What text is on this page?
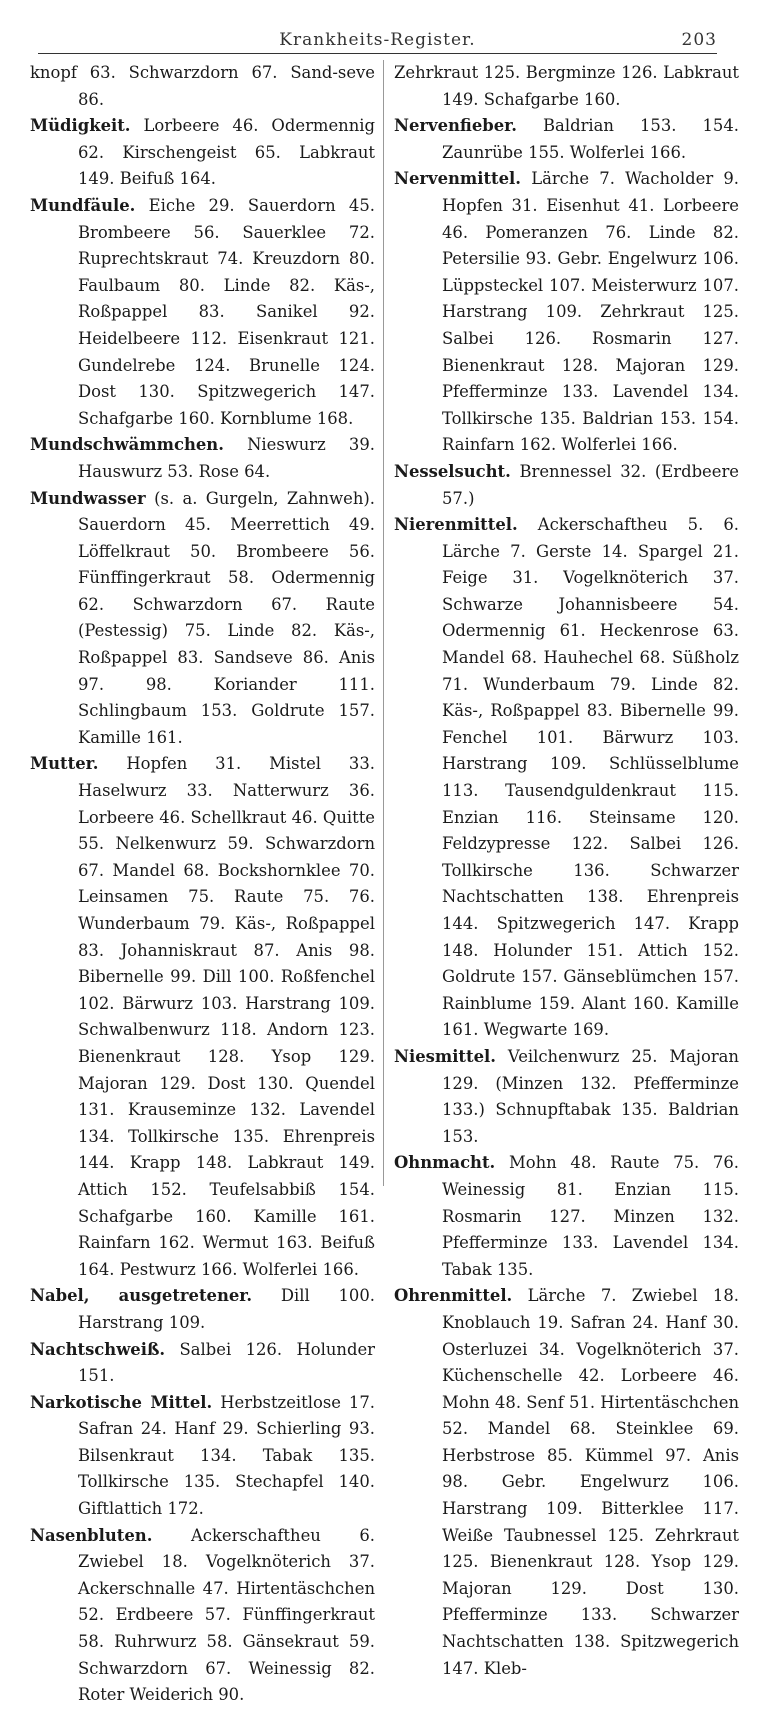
Krankheits-Register.	203

knopf 63. Schwarzdorn 67. Sand-seve 86.

Müdigkeit. Lorbeere 46. Odermennig 62. Kirschengeist 65. Labkraut 149. Beifuß 164.

Mundfäule. Eiche 29. Sauerdorn 45. Brombeere 56. Sauerklee 72. Ruprechtskraut 74. Kreuzdorn 80. Faulbaum 80. Linde 82. Käs-, Roßpappel 83. Sanikel 92. Heidelbeere 112. Eisenkraut 121. Gundelrebe 124. Brunelle 124. Dost 130. Spitzwegerich 147. Schafgarbe 160. Kornblume 168.

Mundschwämmchen. Nieswurz 39. Hauswurz 53. Rose 64.

Mundwasser (s. a. Gurgeln, Zahnweh). Sauerdorn 45. Meerrettich 49. Löffelkraut 50. Brombeere 56. Fünffingerkraut 58. Odermennig 62. Schwarzdorn 67. Raute (Pestessig) 75. Linde 82. Käs-, Roßpappel 83. Sandseve 86. Anis 97. 98. Koriander 111. Schlingbaum 153. Goldrute 157. Kamille 161.

Mutter. Hopfen 31. Mistel 33. Haselwurz 33. Natterwurz 36. Lorbeere 46. Schellkraut 46. Quitte 55. Nelkenwurz 59. Schwarzdorn 67. Mandel 68. Bockshornklee 70. Leinsamen 75. Raute 75. 76. Wunderbaum 79. Käs-, Roßpappel 83. Johanniskraut 87. Anis 98. Bibernelle 99. Dill 100. Roßfenchel 102. Bärwurz 103. Harstrang 109. Schwalbenwurz 118. Andorn 123. Bienenkraut 128. Ysop 129. Majoran 129. Dost 130. Quendel 131. Krauseminze 132. Lavendel 134. Tollkirsche 135. Ehrenpreis 144. Krapp 148. Labkraut 149. Attich 152. Teufelsabbiß 154. Schafgarbe 160. Kamille 161. Rainfarn 162. Wermut 163. Beifuß 164. Pestwurz 166. Wolferlei 166.

Nabel, ausgetretener. Dill 100. Harstrang 109.

Nachtschweiß. Salbei 126. Holunder 151.

Narkotische Mittel. Herbstzeitlose 17. Safran 24. Hanf 29. Schierling 93. Bilsenkraut 134. Tabak 135. Tollkirsche 135. Stechapfel 140. Giftlattich 172.

Nasenbluten. Ackerschafthеu 6. Zwiebel 18. Vogelknöterich 37. Ackerschnalle 47. Hirtentäschchen 52. Erdbeere 57. Fünffingerkraut 58. Ruhrwurz 58. Gänsekraut 59. Schwarzdorn 67. Weinessig 82. Roter Weiderich 90.

Zehrkraut 125. Bergminze 126. Labkraut 149. Schafgarbe 160.

Nervenfieber. Baldrian 153. 154. Zaunrübe 155. Wolferlei 166.

Nervenmittel. Lärche 7. Wacholder 9. Hopfen 31. Eisenhut 41. Lorbeere 46. Pomeranzen 76. Linde 82. Petersilie 93. Gebr. Engelwurz 106. Lüppsteckel 107. Meisterwurz 107. Harstrang 109. Zehrkraut 125. Salbei 126. Rosmarin 127. Bienenkraut 128. Majoran 129. Pfefferminze 133. Lavendel 134. Tollkirsche 135. Baldrian 153. 154. Rainfarn 162. Wolferlei 166.

Nesselsucht. Brennessel 32. (Erdbeere 57.)

Nierenmittel. Ackerschafthеu 5. 6. Lärche 7. Gerste 14. Spargel 21. Feige 31. Vogelknöterich 37. Schwarze Johannisbeere 54. Odermennig 61. Heckenrose 63. Mandel 68. Hauhechel 68. Süßholz 71. Wunderbaum 79. Linde 82. Käs-, Roßpappel 83. Bibernelle 99. Fenchel 101. Bärwurz 103. Harstrang 109. Schlüsselblume 113. Tausendguldenkraut 115. Enzian 116. Steinsame 120. Feldzypresse 122. Salbei 126. Tollkirsche 136. Schwarzer Nachtschatten 138. Ehrenpreis 144. Spitzwegerich 147. Krapp 148. Holunder 151. Attich 152. Goldrute 157. Gänseblümchen 157. Rainblume 159. Alant 160. Kamille 161. Wegwarte 169.

Niesmittel. Veilchenwurz 25. Majoran 129. (Minzen 132. Pfefferminze 133.) Schnupftabak 135. Baldrian 153.

Ohnmacht. Mohn 48. Raute 75. 76. Weinessig 81. Enzian 115. Rosmarin 127. Minzen 132. Pfefferminze 133. Lavendel 134. Tabak 135.

Ohrenmittel. Lärche 7. Zwiebel 18. Knoblauch 19. Safran 24. Hanf 30. Osterluzei 34. Vogelknöterich 37. Küchenschelle 42. Lorbeere 46. Mohn 48. Senf 51. Hirtentäschchen 52. Mandel 68. Steinklee 69. Herbstrose 85. Kümmel 97. Anis 98. Gebr. Engelwurz 106. Harstrang 109. Bitterklee 117. Weiße Taubnessel 125. Zehrkraut 125. Bienenkraut 128. Ysop 129. Majoran 129. Dost 130. Pfefferminze 133. Schwarzer Nachtschatten 138. Spitzwegerich 147. Kleb-
